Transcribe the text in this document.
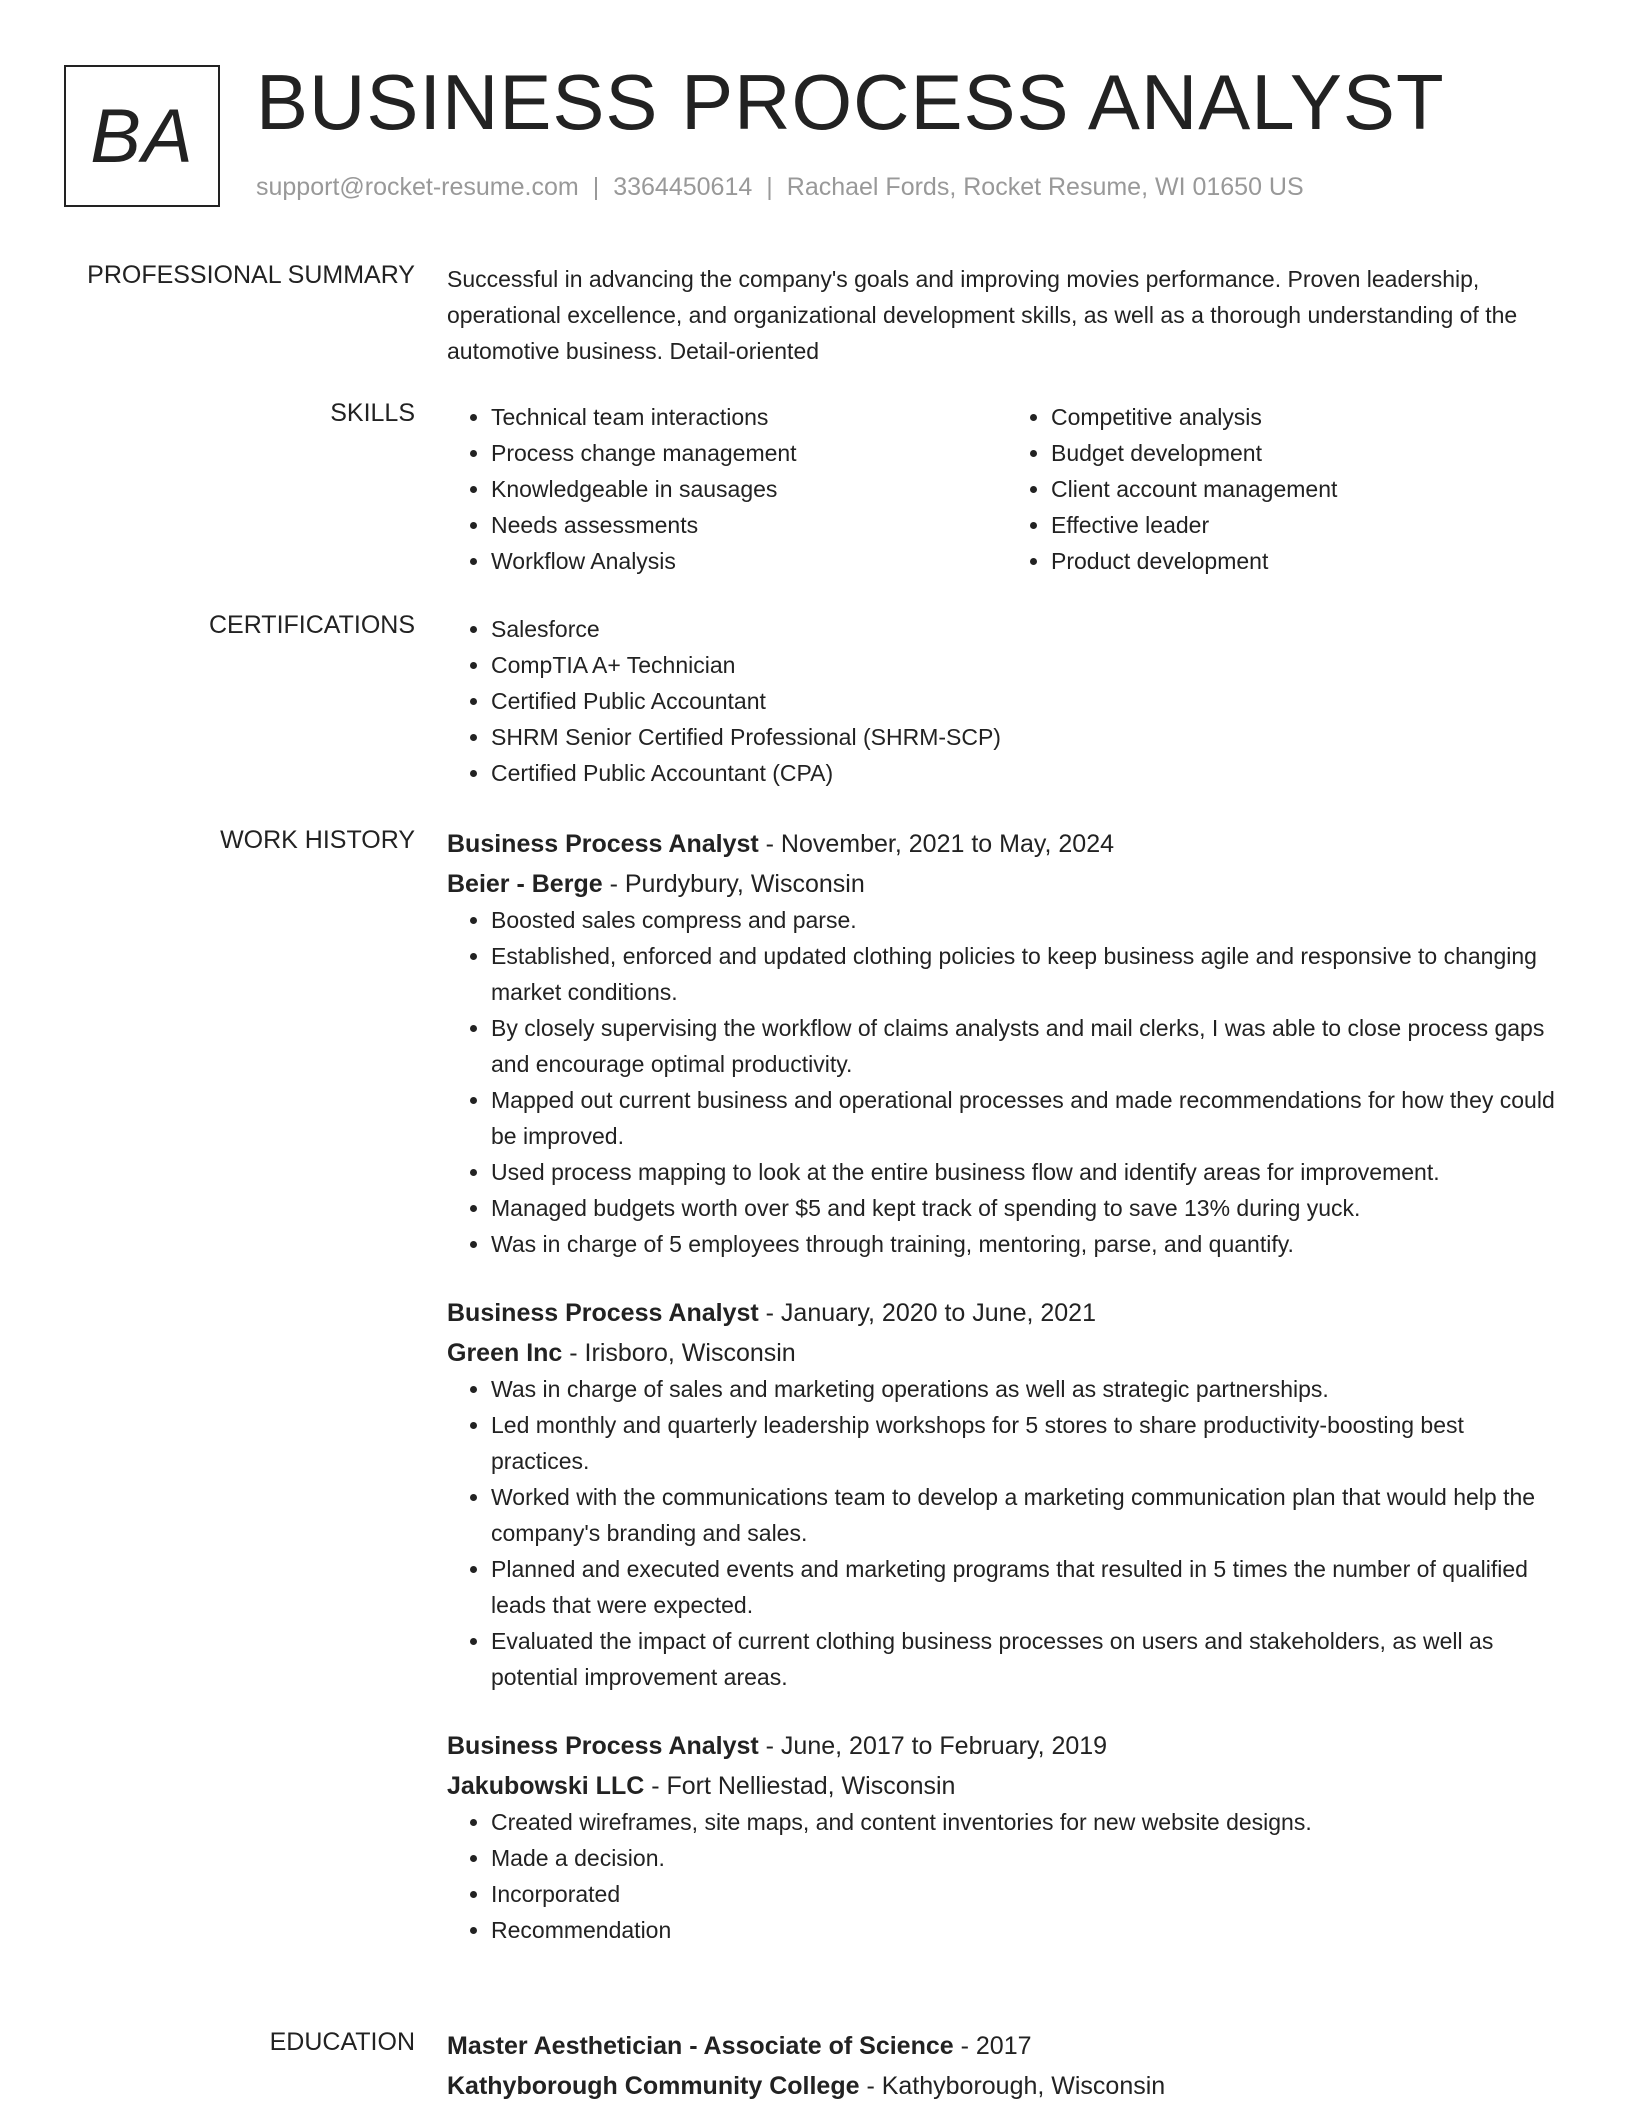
BA BUSINESS PROCESS ANALYST
support@rocket-resume.com | 3364450614 | Rachael Fords, Rocket Resume, WI 01650 US
PROFESSIONAL SUMMARY Successful in advancing the company's goals and improving movies performance. Proven leadership, operational excellence, and organizational development skills, as well as a thorough understanding of the automotive business. Detail-oriented

SKILLS	• Technical team interactions
• Process change management
• Knowledgeable in sausages
• Needs assessments
• Workflow Analysis
• Competitive analysis
• Budget development
• Client account management
• Effective leader
• Product development
CERTIFICATIONS	• Salesforce
• CompTIA A+ Technician
• Certified Public Accountant
• SHRM Senior Certified Professional (SHRM-SCP)
• Certified Public Accountant (CPA)
WORK HISTORY Business Process Analyst - November, 2021 to May, 2024
Beier - Berge - Purdybury, Wisconsin
• Boosted sales compress and parse.
• Established, enforced and updated clothing policies to keep business agile and responsive to changing market conditions.
• By closely supervising the workflow of claims analysts and mail clerks, I was able to close process gaps and encourage optimal productivity.
• Mapped out current business and operational processes and made recommendations for how they could be improved.
• Used process mapping to look at the entire business flow and identify areas for improvement.
• Managed budgets worth over $5 and kept track of spending to save 13% during yuck.
• Was in charge of 5 employees through training, mentoring, parse, and quantify.
Business Process Analyst - January, 2020 to June, 2021
Green Inc - Irisboro, Wisconsin
• Was in charge of sales and marketing operations as well as strategic partnerships.
• Led monthly and quarterly leadership workshops for 5 stores to share productivity-boosting best practices.
• Worked with the communications team to develop a marketing communication plan that would help the company's branding and sales.
• Planned and executed events and marketing programs that resulted in 5 times the number of qualified leads that were expected.
• Evaluated the impact of current clothing business processes on users and stakeholders, as well as potential improvement areas.
Business Process Analyst - June, 2017 to February, 2019
Jakubowski LLC - Fort Nelliestad, Wisconsin
• Created wireframes, site maps, and content inventories for new website designs.
• Made a decision.
• Incorporated
• Recommendation
EDUCATION Master Aesthetician - Associate of Science - 2017
Kathyborough Community College - Kathyborough, Wisconsin
